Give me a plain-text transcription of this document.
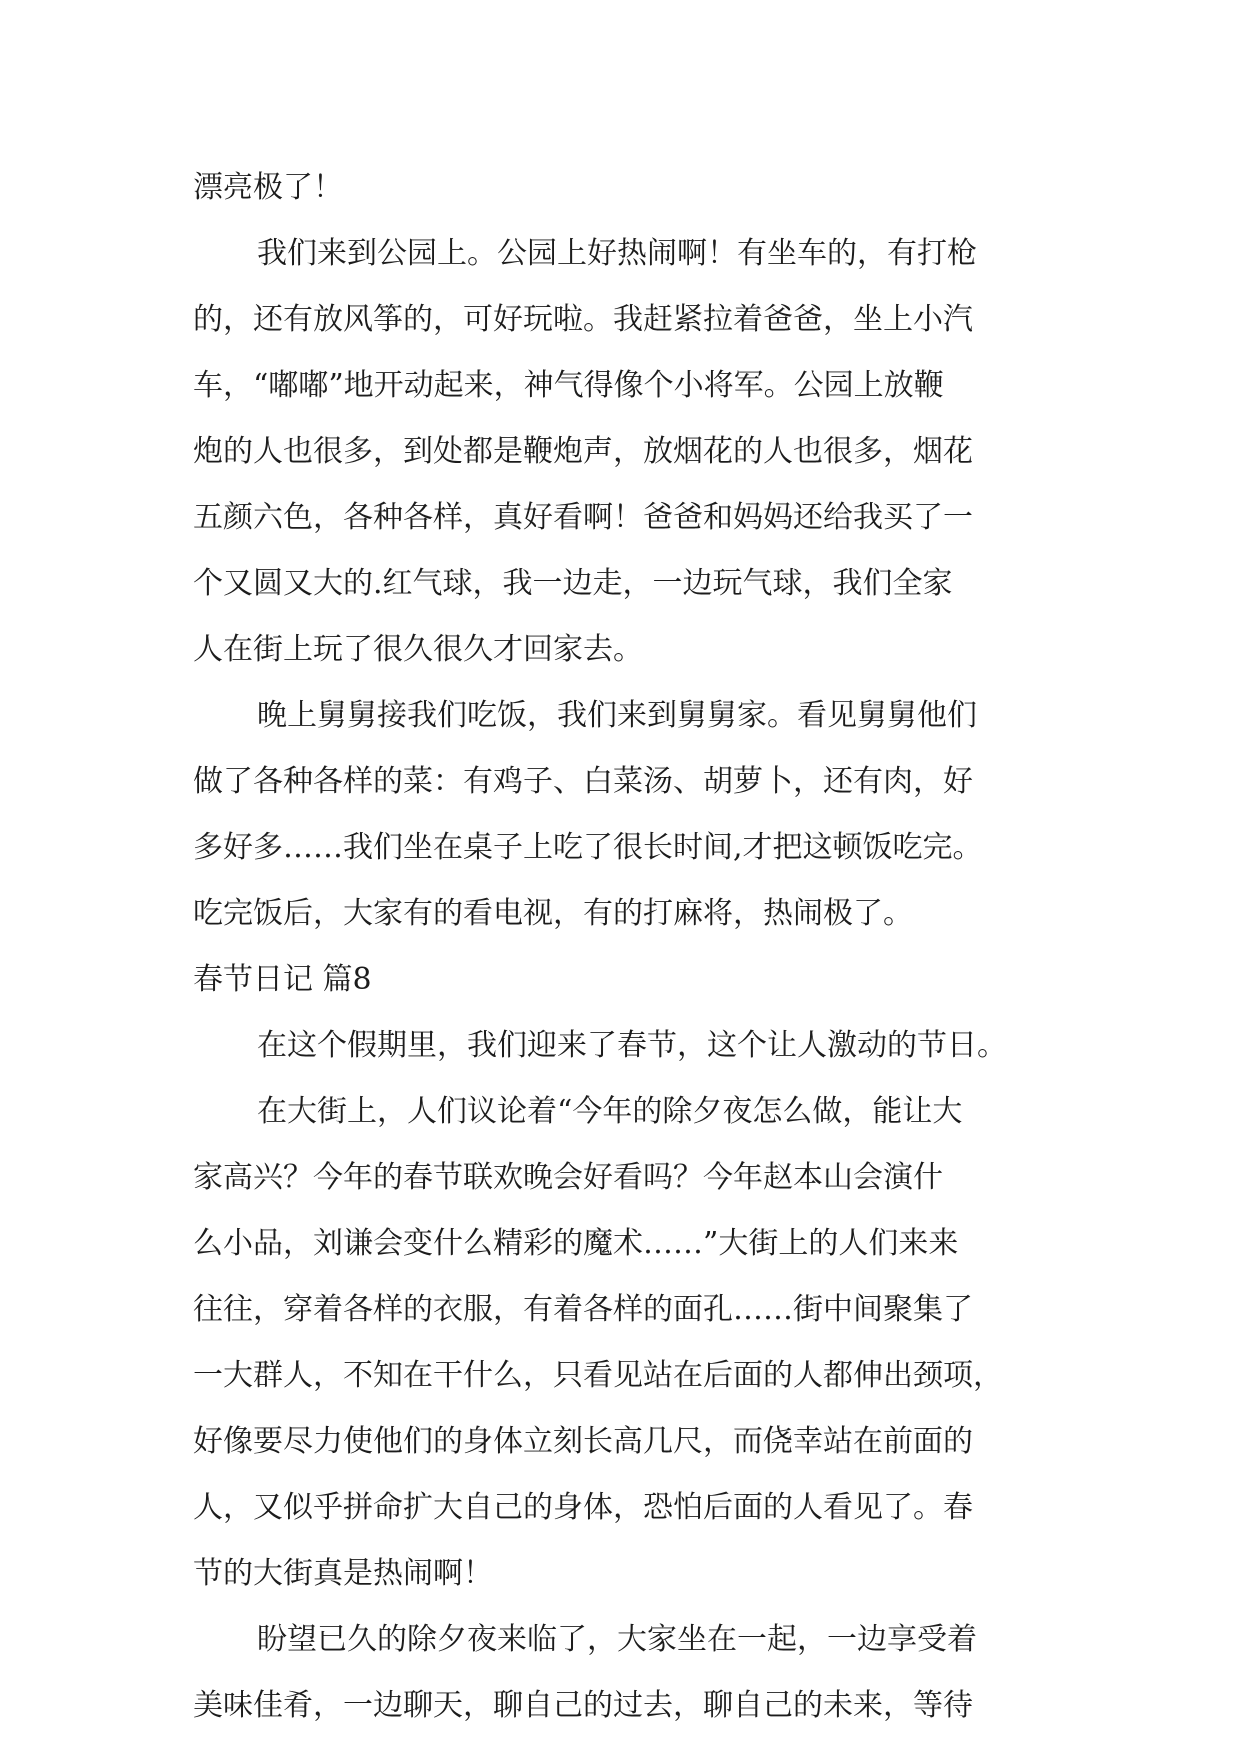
漂亮极了！
我们来到公园上。公园上好热闹啊！有坐车的，有打枪
的，还有放风筝的，可好玩啦。我赶紧拉着爸爸，坐上小汽
车，“嘟嘟”地开动起来，神气得像个小将军。公园上放鞭
炮的人也很多，到处都是鞭炮声，放烟花的人也很多，烟花
五颜六色，各种各样，真好看啊！爸爸和妈妈还给我买了一
个又圆又大的.红气球，我一边走，一边玩气球，我们全家
人在街上玩了很久很久才回家去。
晚上舅舅接我们吃饭，我们来到舅舅家。看见舅舅他们
做了各种各样的菜：有鸡子、白菜汤、胡萝卜，还有肉，好
多好多……我们坐在桌子上吃了很长时间,才把这顿饭吃完。
吃完饭后，大家有的看电视，有的打麻将，热闹极了。
春节日记 篇8
在这个假期里，我们迎来了春节，这个让人激动的节日。
在大街上，人们议论着“今年的除夕夜怎么做，能让大
家高兴？今年的春节联欢晚会好看吗？今年赵本山会演什
么小品，刘谦会变什么精彩的魔术……”大街上的人们来来
往往，穿着各样的衣服，有着各样的面孔……街中间聚集了
一大群人，不知在干什么，只看见站在后面的人都伸出颈项，
好像要尽力使他们的身体立刻长高几尺，而侥幸站在前面的
人，又似乎拼命扩大自己的身体，恐怕后面的人看见了。春
节的大街真是热闹啊！
盼望已久的除夕夜来临了，大家坐在一起，一边享受着
美味佳肴，一边聊天，聊自己的过去，聊自己的未来，等待
